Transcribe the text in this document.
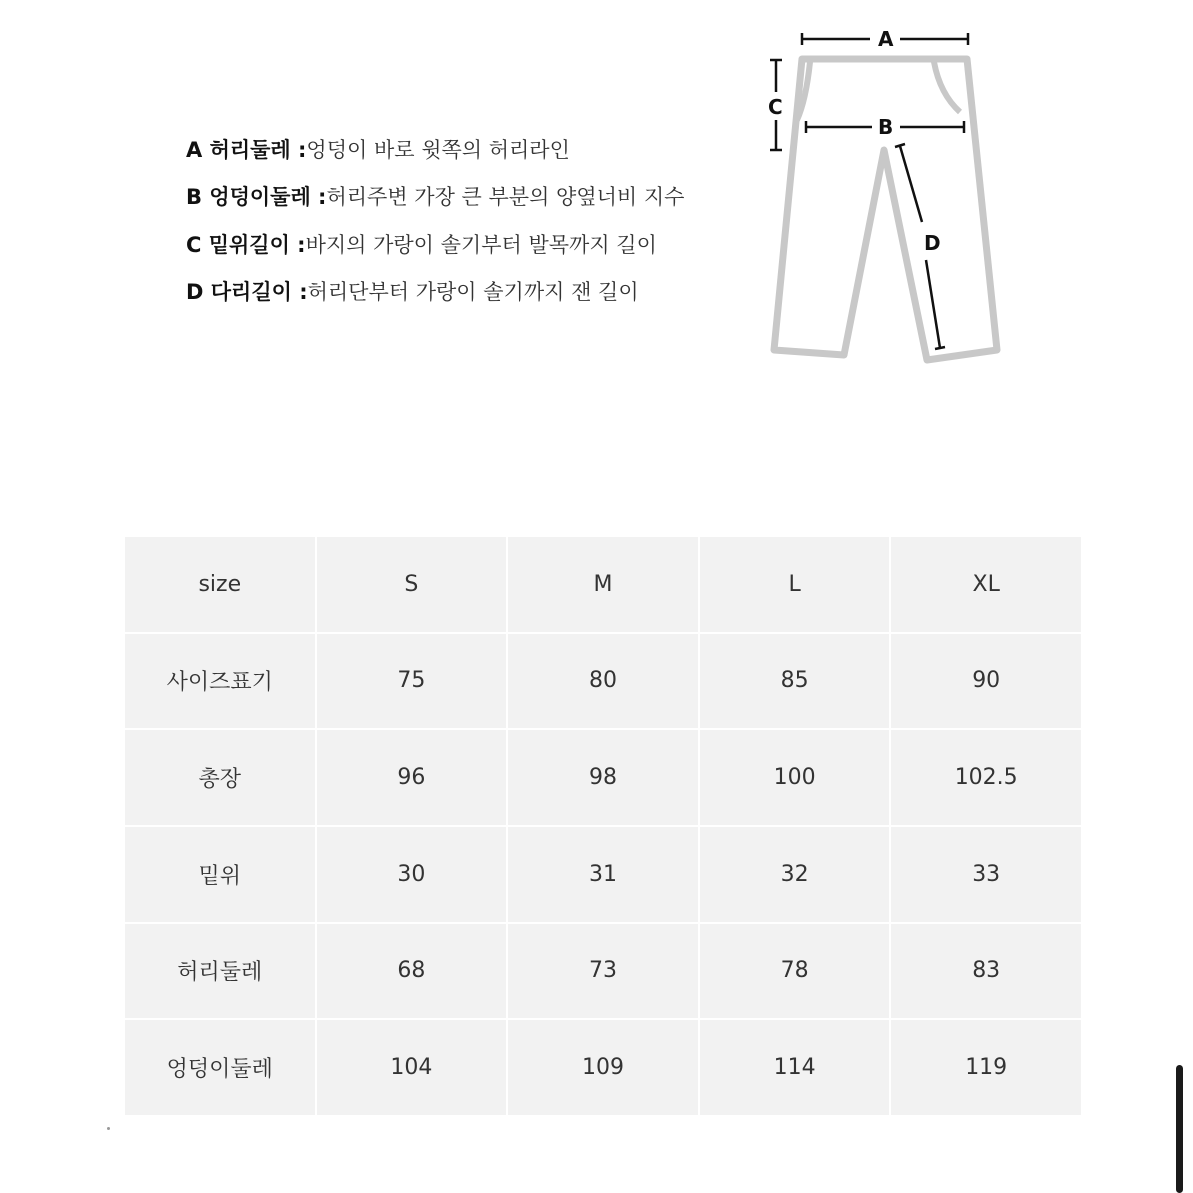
A 허리둘레 : 엉덩이 바로 윗쪽의 허리라인
B 엉덩이둘레 : 허리주변 가장 큰 부분의 양옆너비 지수
C 밑위길이 : 바지의 가랑이 솔기부터 발목까지 길이
D 다리길이 : 허리단부터 가랑이 솔기까지 잰 길이
A
B
C
D
size	S	M	L	XL
사이즈표기	75	80	85	90
총장	96	98	100	102.5
밑위	30	31	32	33
허리둘레	68	73	78	83
엉덩이둘레	104	109	114	119
